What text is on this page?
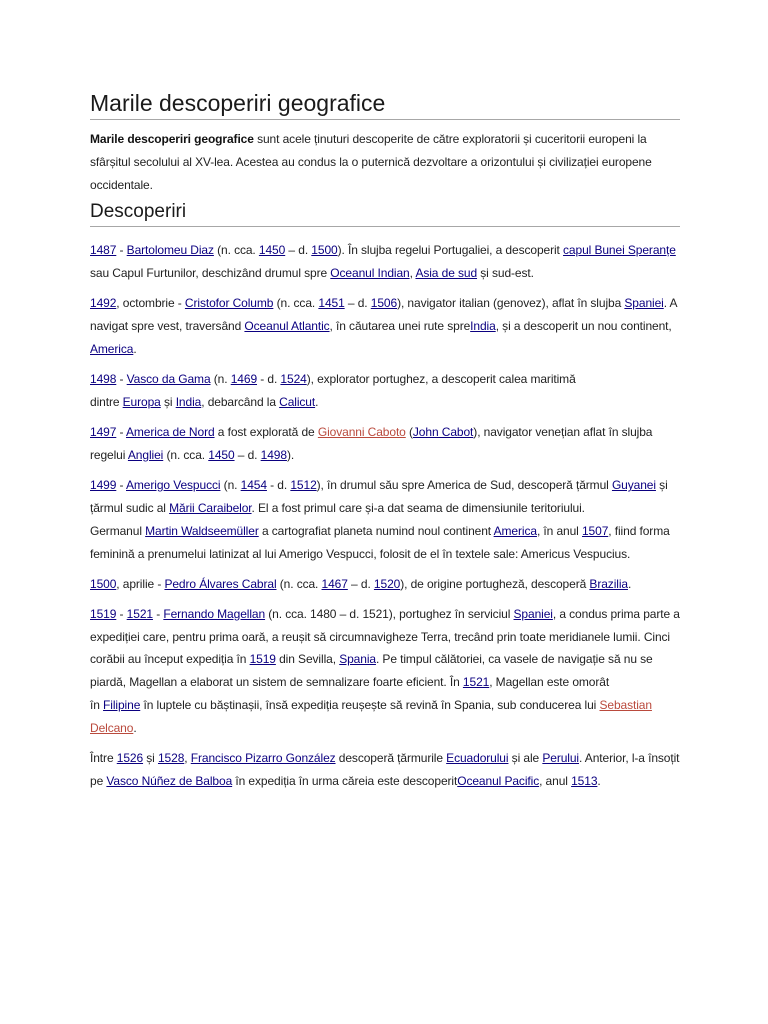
Marile descoperiri geografice

Marile descoperiri geografice sunt acele ținuturi descoperite de către exploratorii și cuceritorii europeni la sfârșitul secolului al XV-lea. Acestea au condus la o puternică dezvoltare a orizontului și civilizației europene occidentale.

Descoperiri

1487 - Bartolomeu Diaz (n. cca. 1450 – d. 1500). În slujba regelui Portugaliei, a descoperit capul Bunei Speranțe sau Capul Furtunilor, deschizând drumul spre Oceanul Indian, Asia de sud și sud-est.

1492, octombrie - Cristofor Columb (n. cca. 1451 – d. 1506), navigator italian (genovez), aflat în slujba Spaniei. A navigat spre vest, traversând Oceanul Atlantic, în căutarea unei rute spreIndia, și a descoperit un nou continent, America.

1498 - Vasco da Gama (n. 1469 - d. 1524), explorator portughez, a descoperit calea maritimă
dintre Europa și India, debarcând la Calicut.

1497 - America de Nord a fost explorată de Giovanni Caboto (John Cabot), navigator venețian aflat în slujba regelui Angliei (n. cca. 1450 – d. 1498).

1499 - Amerigo Vespucci (n. 1454 - d. 1512), în drumul său spre America de Sud, descoperă țărmul Guyanei și țărmul sudic al Mării Caraibelor. El a fost primul care și-a dat seama de dimensiunile teritoriului.
Germanul Martin Waldseemüller a cartografiat planeta numind noul continent America, în anul 1507, fiind forma feminină a prenumelui latinizat al lui Amerigo Vespucci, folosit de el în textele sale: Americus Vespucius.

1500, aprilie - Pedro Álvares Cabral (n. cca. 1467 – d. 1520), de origine portugheză, descoperă Brazilia.

1519 - 1521 - Fernando Magellan (n. cca. 1480 – d. 1521), portughez în serviciul Spaniei, a condus prima parte a expediției care, pentru prima oară, a reușit să circumnavigheze Terra, trecând prin toate meridianele lumii. Cinci corăbii au început expediția în 1519 din Sevilla, Spania. Pe timpul călătoriei, ca vasele de navigație să nu se piardă, Magellan a elaborat un sistem de semnalizare foarte eficient. În 1521, Magellan este omorât
în Filipine în luptele cu băștinașii, însă expediția reușește să revină în Spania, sub conducerea lui Sebastian Delcano.

Între 1526 și 1528, Francisco Pizarro González descoperă țărmurile Ecuadorului și ale Perului. Anterior, l-a însoțit pe Vasco Núñez de Balboa în expediția în urma căreia este descoperitOceanul Pacific, anul 1513.
